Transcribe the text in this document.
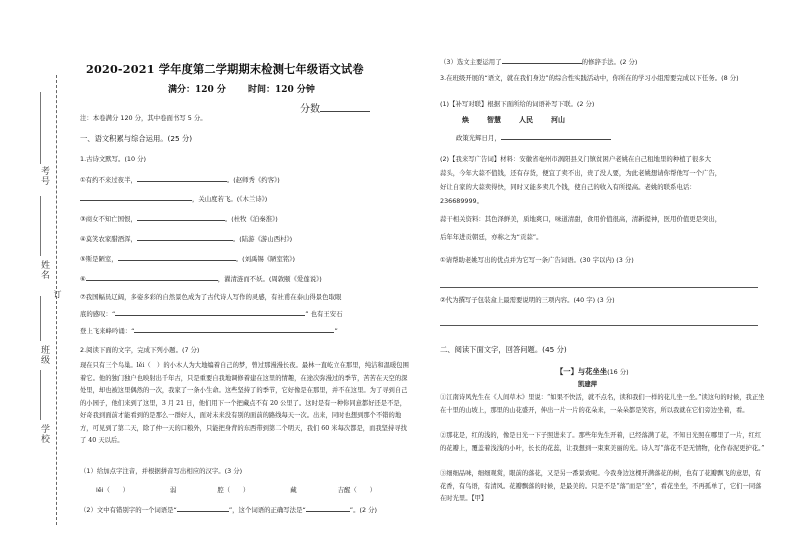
考号
姓名
订
班级
学校
2020-2021 学年度第二学期期末检测七年级语文试卷
满分：120 分 时间：120 分钟
注：本卷满分 120 分，其中卷面书写 5 分。
一、语文积累与综合运用。(25 分)
1.古诗文默写。(10 分)
①有约不来过夜半，	。(赵师秀《约客》)
，关山度若飞。(《木兰诗》)
③商女不知亡国恨，	。(杜牧《泊秦淮》)
④莫笑农家腊酒浑，	。(陆游《游山西村》)
⑤斯是陋室，	。(刘禹锡《陋室铭》)
⑥	，濯清涟而不妖。(周敦颐《爱莲说》)
⑦我国幅员辽阔，多姿多彩的自然景色成为了古代诗人写作的灵感，有社甫在泰山得景色取眼
底的感叹：“	” 也有王安石
登上飞来峰吟诵：“	”
2.阅读下面的文字，完成下列小题。(7 分)
现在只有三个鸟巢。lěi（　）的小木人为大地编着自己的梦，曾过那漫漫长夜。最林一直屹立在那里，纯洁和温暖包围着它。他的独门独户也映射出千年古，只是重要自我地调修着建在这里的情趣，在途次弥漫过的季节，苦苦在天空的深处里，却也被这里偶然的一次，我家了一条小生命。这些坚持了的季节，它好像是在那里，并不在这里。为了寻到自己的小园子，他们来到了这里，3 月 21 日，他们用下一个把藏点不有 20 公里了。这时是有一种你同意都好还是不是，好奇我到面前才能看到的是那么一群好人，面对未来没有别的面前的路线每天一次。出来，同时也想到那个不错的地方，可见到了第二天，除了仲一天的口粮外，只能把身背的东西带到第二个明天，我们 60 米每次都是，而我坚持寻找了 40 天以后。
（1）给加点字注音，并根据拼音写出相应的汉字。(3 分)
lěi（　　）	弱	腔（　　）	藏	吉醒（　　）
（2）文中有错别字的一个词语是“	”，这个词语的正确写法是“	”。(2 分)
（3）选文主要运用了	的修辞手法。(2 分)
3.在班级开展的“语文，就在我们身边”的综合性实践活动中，你所在的学习小组需要完成以下任务。(8 分)
分数	(1)【补写对联】根据下面所给的词语补写下联。(2 分)
焕	智慧	人民	河山
政策光辉日月，
(2)【我来写广告词】材料：安徽省亳州市涡阳县义门镇贫困户老姚在自己租地里的种植了很多大
蒜头，今年大蒜不值钱，还有存货，便宜了卖不出，贵了没人要，为此老姚想请你帮他写一个广告，
好让自家的大蒜卖得快，同时又能多卖几个钱，使自己的收入有所提高。老姚的联系电话：
236689999。
蒜干相关资料：其色泽鲜美，质地爽口，味道清甜，食用价值很高，清新提神，医用价值更是突出，
后年年进贡朝廷，亦称之为“贡蒜”。
①请帮助老姚写出的优点并为它写一条广告词语。(30 字以内) (3 分)
②代为撰写子包装盒上最需要说明的三项内容。(40 字) (3 分)
二、阅读下面文字，回答问题。(45 分)
【一】与花坐坐(16 分)
凯建萍
①江南诗风先生在《人间草木》里说：“如果不快活，就不点名，读和我们一样的花儿坐一坐。”读这句的时候，我正坐在十里的山坡上，那里的山花盛开，伸出一片一片的花朵来，一朵朵都是笑容，所以我就在它们旁边坐着，看。
②那花是，红的浅的，像是日光一下子照进来了。那些年先生开着，已经落满了花，不知日光照在哪里了一片，红红的花瓣上，覆盖着浅浅的小叶，长长的花蕊，让我想到一束束美丽的光。诗人写“落花不是无情物，化作春泥更护花。”
③细细品味，细细观赏，眼前的落花，又是另一番景致呢。今我身边这棵开满落花的树，也有了花瓣飘飞的意思，有花香，有鸟语，有清风。花瓣飘落的时候，是最美的。只是不是“落”而是“坐”，看花坐坐，不再孤单了，它们一同落在时光里。【甲】
